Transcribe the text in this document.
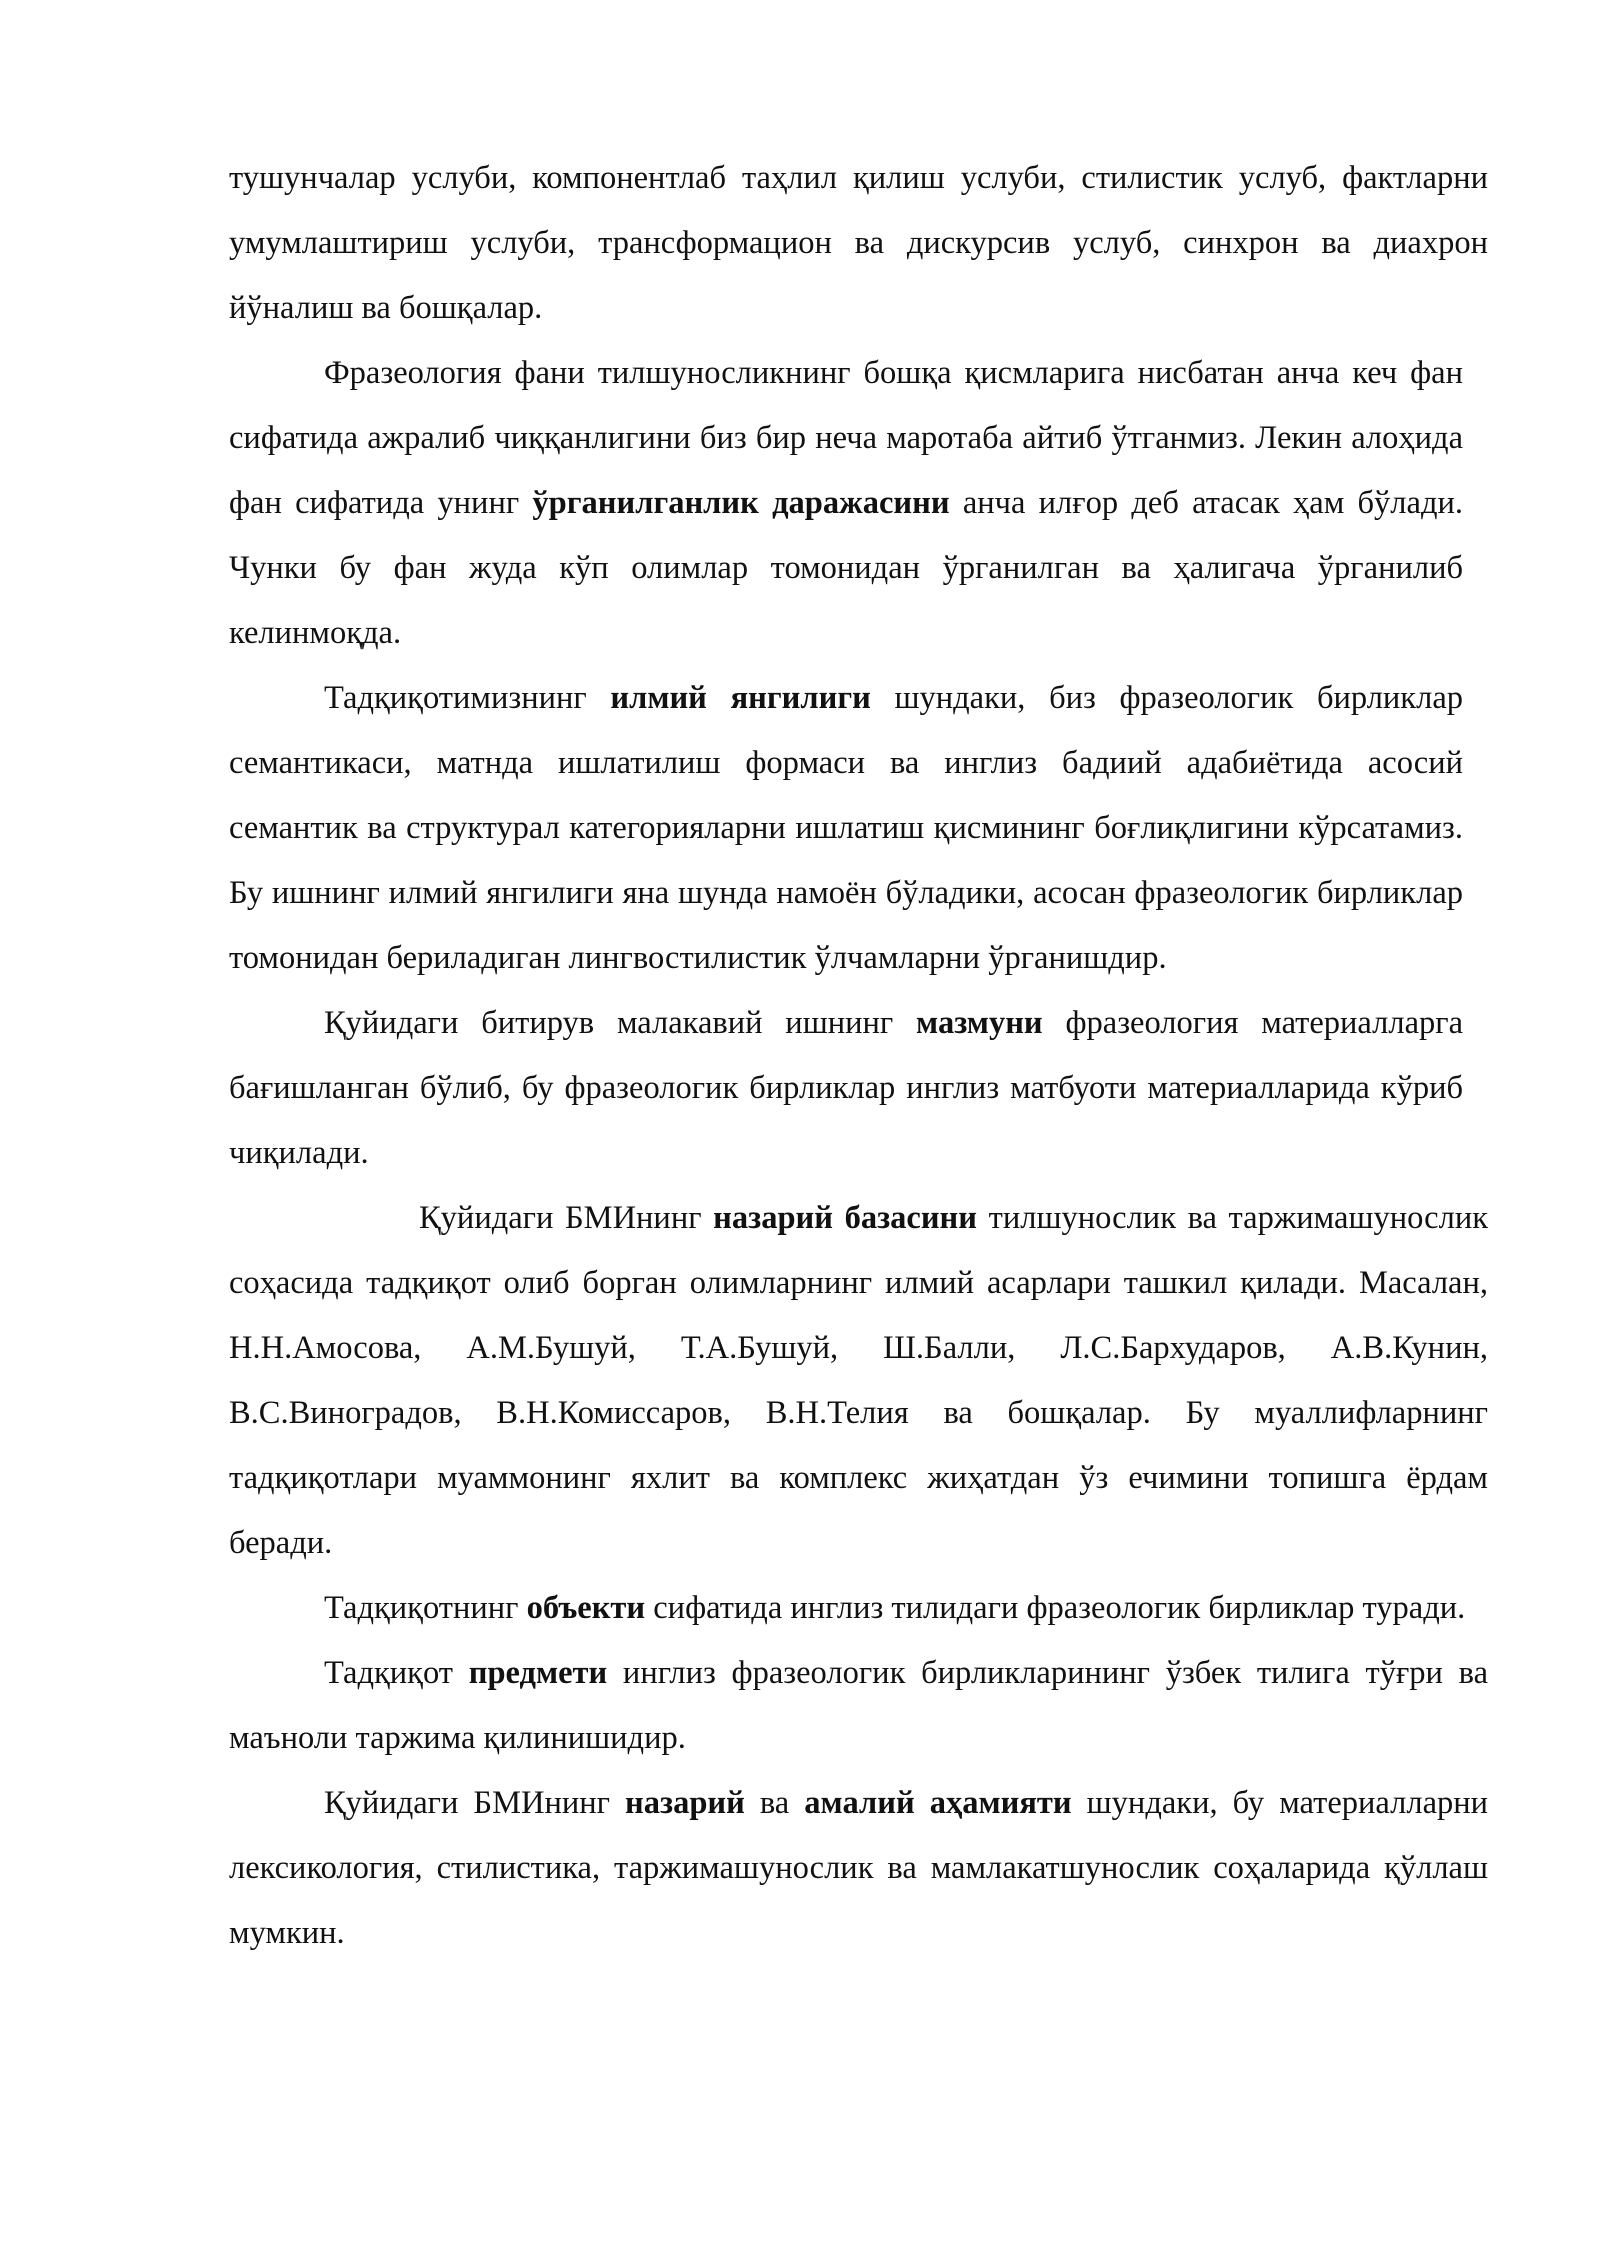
тушунчалар услуби, компонентлаб таҳлил қилиш услуби, стилистик услуб, фактларни умумлаштириш услуби, трансформацион ва дискурсив услуб, синхрон ва диахрон йўналиш ва бошқалар.

Фразеология фани тилшуносликнинг бошқа қисмларига нисбатан анча кеч фан сифатида ажралиб чиққанлигини биз бир неча маротаба айтиб ўтганмиз. Лекин алоҳида фан сифатида унинг ўрганилганлик даражасини анча илғор деб атасак ҳам бўлади. Чунки бу фан жуда кўп олимлар томонидан ўрганилган ва ҳалигача ўрганилиб келинмоқда.

Тадқиқотимизнинг илмий янгилиги шундаки, биз фразеологик бирликлар семантикаси, матнда ишлатилиш формаси ва инглиз бадиий адабиётида асосий семантик ва структурал категорияларни ишлатиш қисмининг боғлиқлигини кўрсатамиз. Бу ишнинг илмий янгилиги яна шунда намоён бўладики, асосан фразеологик бирликлар томонидан бериладиган лингвостилистик ўлчамларни ўрганишдир.

Қуйидаги битирув малакавий ишнинг мазмуни фразеология материалларга бағишланган бўлиб, бу фразеологик бирликлар инглиз матбуоти материалларида кўриб чиқилади.

Қуйидаги БМИнинг назарий базасини тилшунослик ва таржимашунослик соҳасида тадқиқот олиб борган олимларнинг илмий асарлари ташкил қилади. Масалан, Н.Н.Амосова, А.М.Бушуй, Т.А.Бушуй, Ш.Балли, Л.С.Бархударов, А.В.Кунин, В.С.Виноградов, В.Н.Комиссаров, В.Н.Телия ва бошқалар. Бу муаллифларнинг тадқиқотлари муаммонинг яхлит ва комплекс жиҳатдан ўз ечимини топишга ёрдам беради.

Тадқиқотнинг объекти сифатида инглиз тилидаги фразеологик бирликлар туради.

Тадқиқот предмети инглиз фразеологик бирликларининг ўзбек тилига тўғри ва маъноли таржима қилинишидир.

Қуйидаги БМИнинг назарий ва амалий аҳамияти шундаки, бу материалларни лексикология, стилистика, таржимашунослик ва мамлакатшунослик соҳаларида қўллаш мумкин.
